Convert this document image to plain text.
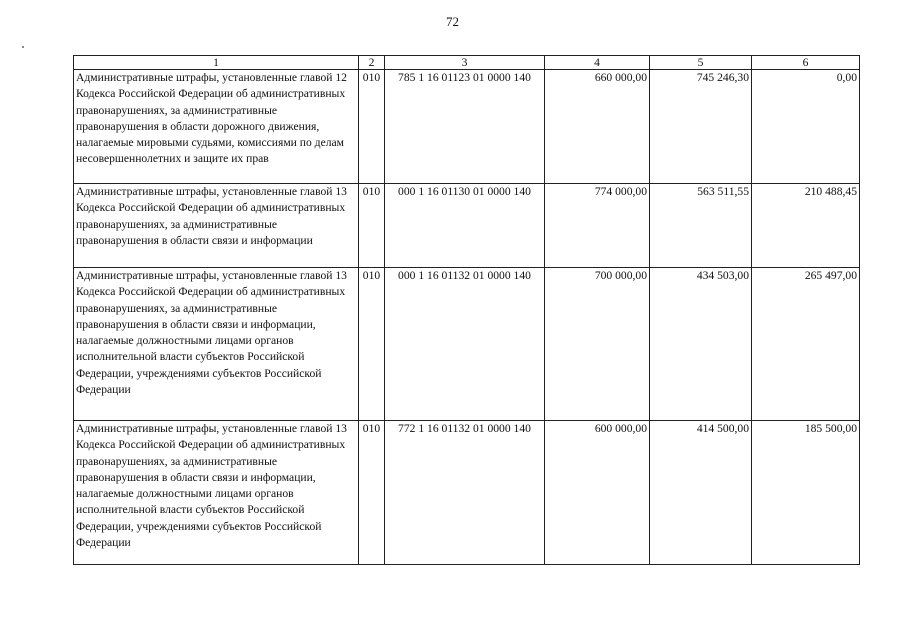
72
1	2	3	4	5	6
Административные штрафы, установленные главой 12 Кодекса Российской Федерации об административных правонарушениях, за административные правонарушения в области дорожного движения, налагаемые мировыми судьями, комиссиями по делам несовершеннолетних и защите их прав	010	785 1 16 01123 01 0000 140	660 000,00	745 246,30	0,00
Административные штрафы, установленные главой 13 Кодекса Российской Федерации об административных правонарушениях, за административные правонарушения в области связи и информации	010	000 1 16 01130 01 0000 140	774 000,00	563 511,55	210 488,45
Административные штрафы, установленные главой 13 Кодекса Российской Федерации об административных правонарушениях, за административные правонарушения в области связи и информации, налагаемые должностными лицами органов исполнительной власти субъектов Российской Федерации, учреждениями субъектов Российской Федерации	010	000 1 16 01132 01 0000 140	700 000,00	434 503,00	265 497,00
Административные штрафы, установленные главой 13 Кодекса Российской Федерации об административных правонарушениях, за административные правонарушения в области связи и информации, налагаемые должностными лицами органов исполнительной власти субъектов Российской Федерации, учреждениями субъектов Российской Федерации	010	772 1 16 01132 01 0000 140	600 000,00	414 500,00	185 500,00
